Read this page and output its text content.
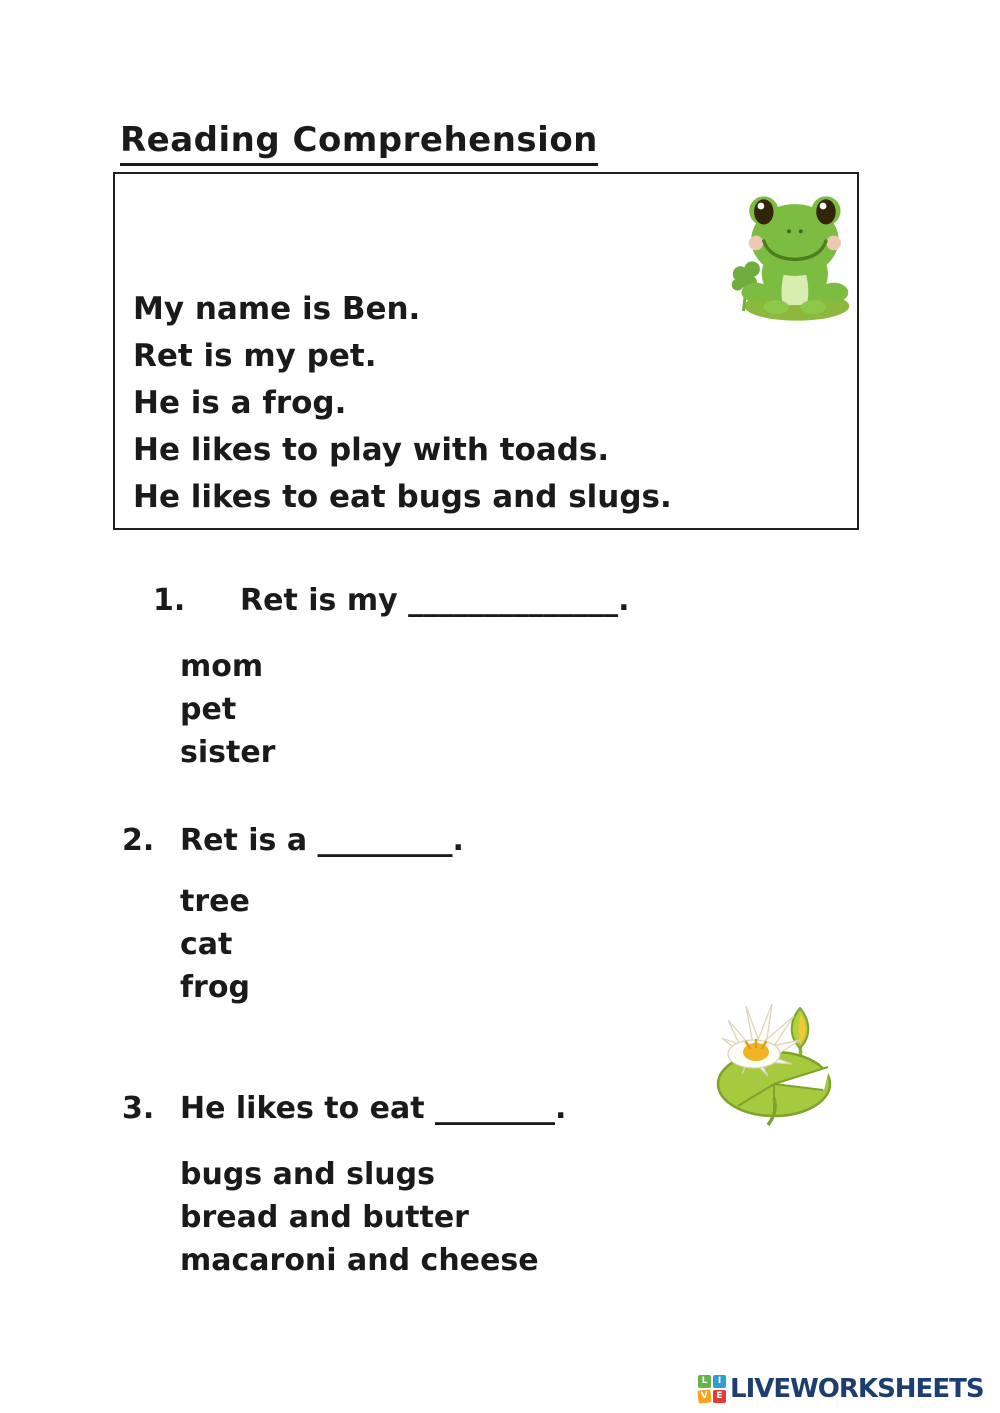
Reading Comprehension
My name is Ben.
Ret is my pet.
He is a frog.
He likes to play with toads.
He likes to eat bugs and slugs.
1. Ret is my ______________.
mom
pet
sister
2. Ret is a _________.
tree
cat
frog
3. He likes to eat ________.
bugs and slugs
bread and butter
macaroni and cheese
L	I
V E LIVEWORKSHEETS
